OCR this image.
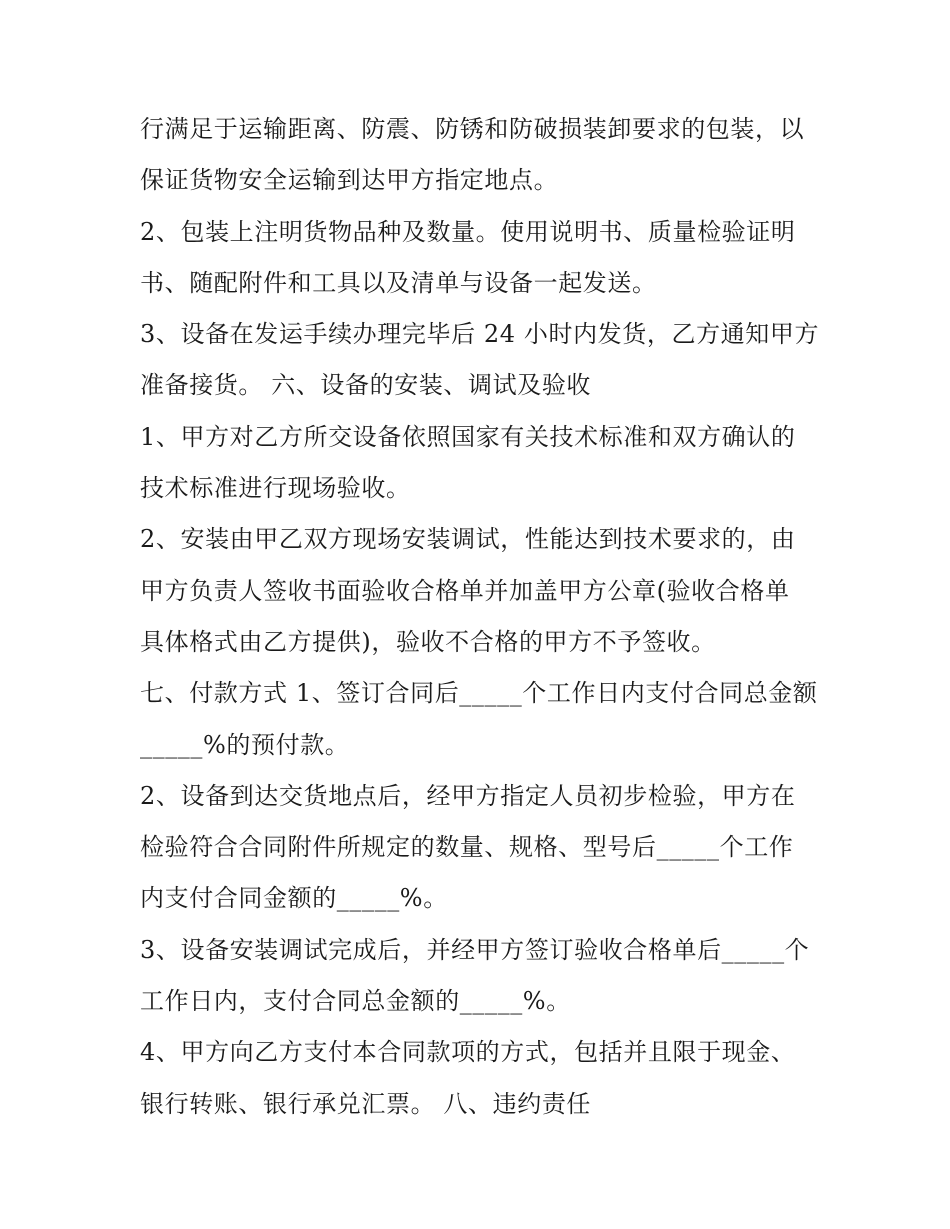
行满足于运输距离、防震、防锈和防破损装卸要求的包装，以
保证货物安全运输到达甲方指定地点。
2、包装上注明货物品种及数量。使用说明书、质量检验证明
书、随配附件和工具以及清单与设备一起发送。
3、设备在发运手续办理完毕后 24 小时内发货，乙方通知甲方
准备接货。 六、设备的安装、调试及验收
1、甲方对乙方所交设备依照国家有关技术标准和双方确认的
技术标准进行现场验收。
2、安装由甲乙双方现场安装调试，性能达到技术要求的，由
甲方负责人签收书面验收合格单并加盖甲方公章(验收合格单
具体格式由乙方提供)，验收不合格的甲方不予签收。
七、付款方式 1、签订合同后_____个工作日内支付合同总金额
_____%的预付款。
2、设备到达交货地点后，经甲方指定人员初步检验，甲方在
检验符合合同附件所规定的数量、规格、型号后_____个工作
内支付合同金额的_____%。
3、设备安装调试完成后，并经甲方签订验收合格单后_____个
工作日内，支付合同总金额的_____%。
4、甲方向乙方支付本合同款项的方式，包括并且限于现金、
银行转账、银行承兑汇票。 八、违约责任
